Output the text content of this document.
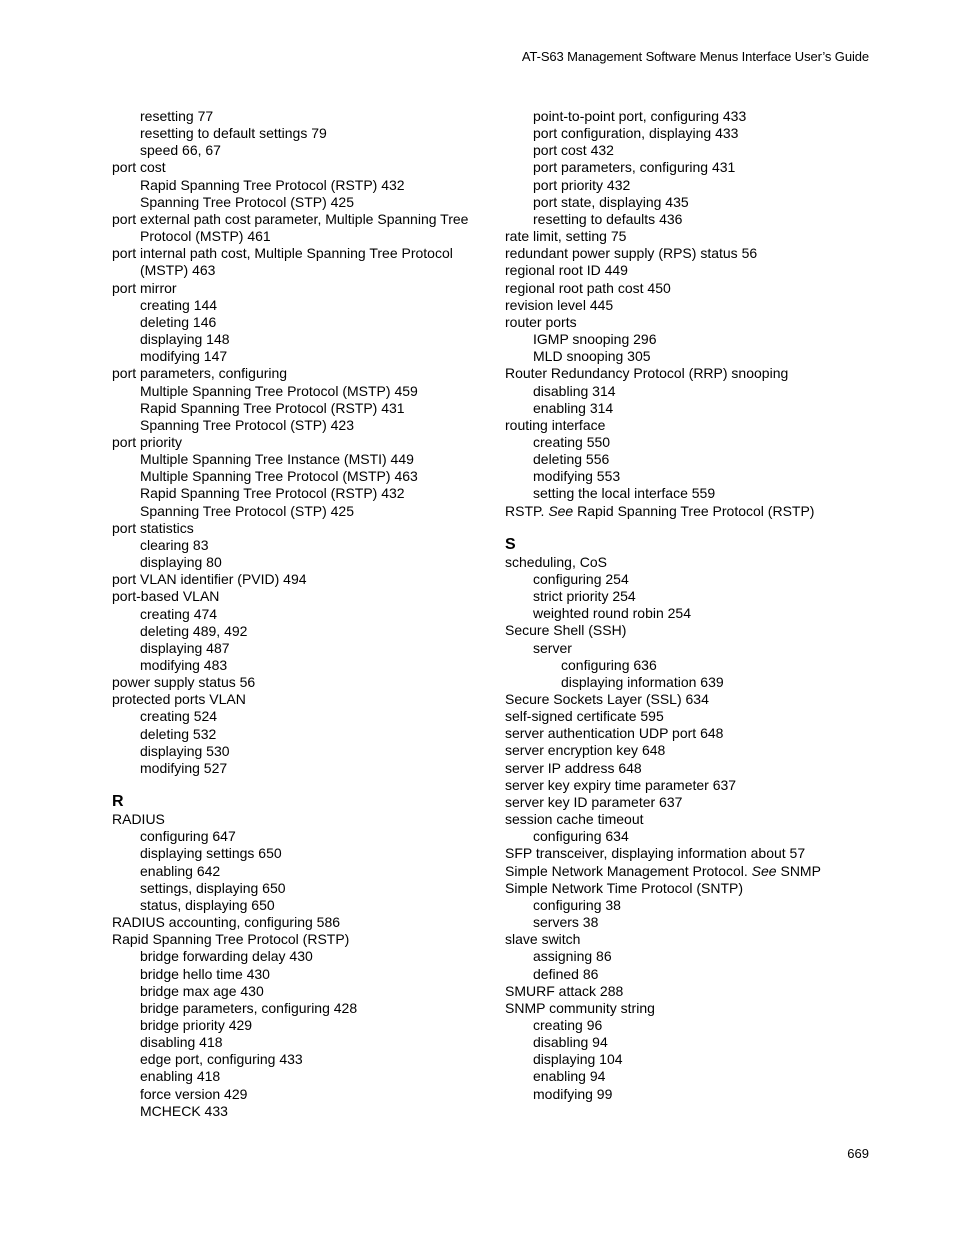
AT-S63 Management Software Menus Interface User’s Guide
resetting 77
resetting to default settings 79
speed 66, 67
port cost
Rapid Spanning Tree Protocol (RSTP) 432
Spanning Tree Protocol (STP) 425
port external path cost parameter, Multiple Spanning Tree Protocol (MSTP) 461
port internal path cost, Multiple Spanning Tree Protocol (MSTP) 463
port mirror
creating 144
deleting 146
displaying 148
modifying 147
port parameters, configuring
Multiple Spanning Tree Protocol (MSTP) 459
Rapid Spanning Tree Protocol (RSTP) 431
Spanning Tree Protocol (STP) 423
port priority
Multiple Spanning Tree Instance (MSTI) 449
Multiple Spanning Tree Protocol (MSTP) 463
Rapid Spanning Tree Protocol (RSTP) 432
Spanning Tree Protocol (STP) 425
port statistics
clearing 83
displaying 80
port VLAN identifier (PVID) 494
port-based VLAN
creating 474
deleting 489, 492
displaying 487
modifying 483
power supply status 56
protected ports VLAN
creating 524
deleting 532
displaying 530
modifying 527
R
RADIUS
configuring 647
displaying settings 650
enabling 642
settings, displaying 650
status, displaying 650
RADIUS accounting, configuring 586
Rapid Spanning Tree Protocol (RSTP)
bridge forwarding delay 430
bridge hello time 430
bridge max age 430
bridge parameters, configuring 428
bridge priority 429
disabling 418
edge port, configuring 433
enabling 418
force version 429
MCHECK 433
point-to-point port, configuring 433
port configuration, displaying 433
port cost 432
port parameters, configuring 431
port priority 432
port state, displaying 435
resetting to defaults 436
rate limit, setting 75
redundant power supply (RPS) status 56
regional root ID 449
regional root path cost 450
revision level 445
router ports
IGMP snooping 296
MLD snooping 305
Router Redundancy Protocol (RRP) snooping
disabling 314
enabling 314
routing interface
creating 550
deleting 556
modifying 553
setting the local interface 559
RSTP. See Rapid Spanning Tree Protocol (RSTP)
S
scheduling, CoS
configuring 254
strict priority 254
weighted round robin 254
Secure Shell (SSH)
server
configuring 636
displaying information 639
Secure Sockets Layer (SSL) 634
self-signed certificate 595
server authentication UDP port 648
server encryption key 648
server IP address 648
server key expiry time parameter 637
server key ID parameter 637
session cache timeout
configuring 634
SFP transceiver, displaying information about 57
Simple Network Management Protocol. See SNMP
Simple Network Time Protocol (SNTP)
configuring 38
servers 38
slave switch
assigning 86
defined 86
SMURF attack 288
SNMP community string
creating 96
disabling 94
displaying 104
enabling 94
modifying 99
669
